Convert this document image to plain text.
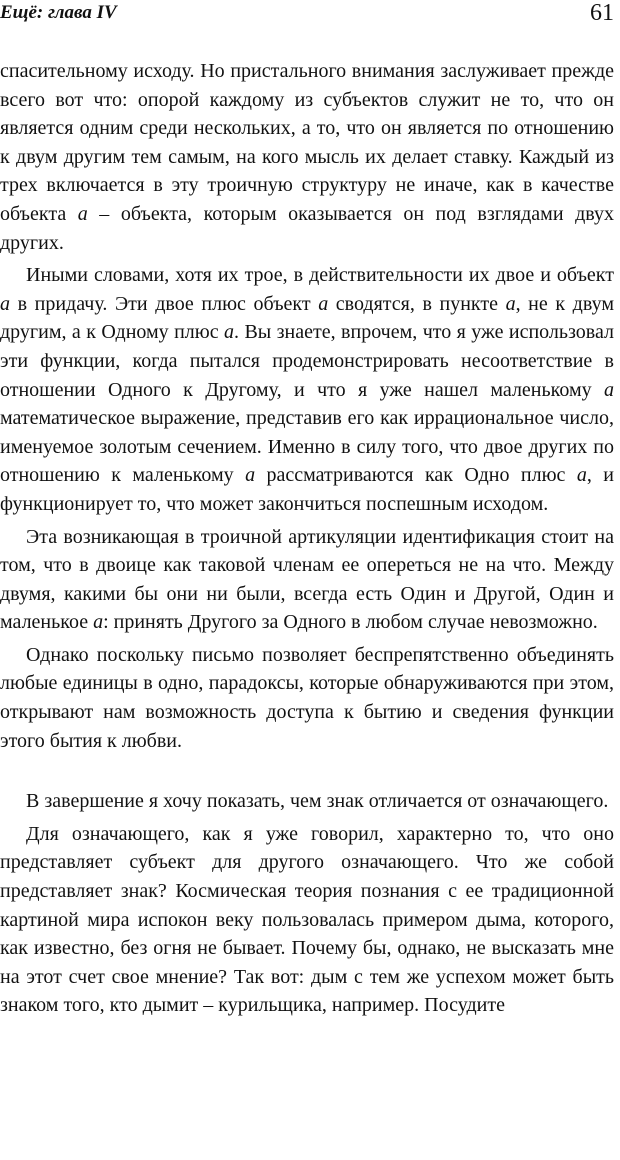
Ещё: глава IV	61

спасительному исходу. Но пристального внимания заслуживает прежде всего вот что: опорой каждому из субъектов служит не то, что он является одним среди нескольких, а то, что он является по отношению к двум другим тем самым, на кого мысль их делает ставку. Каждый из трех включается в эту троичную структуру не иначе, как в качестве объекта a – объекта, которым оказывается он под взглядами двух других.

Иными словами, хотя их трое, в действительности их двое и объект a в придачу. Эти двое плюс объект a сводятся, в пункте a, не к двум другим, а к Одному плюс a. Вы знаете, впрочем, что я уже использовал эти функции, когда пытался продемонстрировать несоответствие в отношении Одного к Другому, и что я уже нашел маленькому a математическое выражение, представив его как иррациональное число, именуемое золотым сечением. Именно в силу того, что двое других по отношению к маленькому a рассматриваются как Одно плюс a, и функционирует то, что может закончиться поспешным исходом.

Эта возникающая в троичной артикуляции идентификация стоит на том, что в двоице как таковой членам ее опереться не на что. Между двумя, какими бы они ни были, всегда есть Один и Другой, Один и маленькое a: принять Другого за Одного в любом случае невозможно.

Однако поскольку письмо позволяет беспрепятственно объединять любые единицы в одно, парадоксы, которые обнаруживаются при этом, открывают нам возможность доступа к бытию и сведения функции этого бытия к любви.

В завершение я хочу показать, чем знак отличается от означающего.

Для означающего, как я уже говорил, характерно то, что оно представляет субъект для другого означающего. Что же собой представляет знак? Космическая теория познания с ее традиционной картиной мира испокон веку пользовалась примером дыма, которого, как известно, без огня не бывает. Почему бы, однако, не высказать мне на этот счет свое мнение? Так вот: дым с тем же успехом может быть знаком того, кто дымит – курильщика, например. Посудите
